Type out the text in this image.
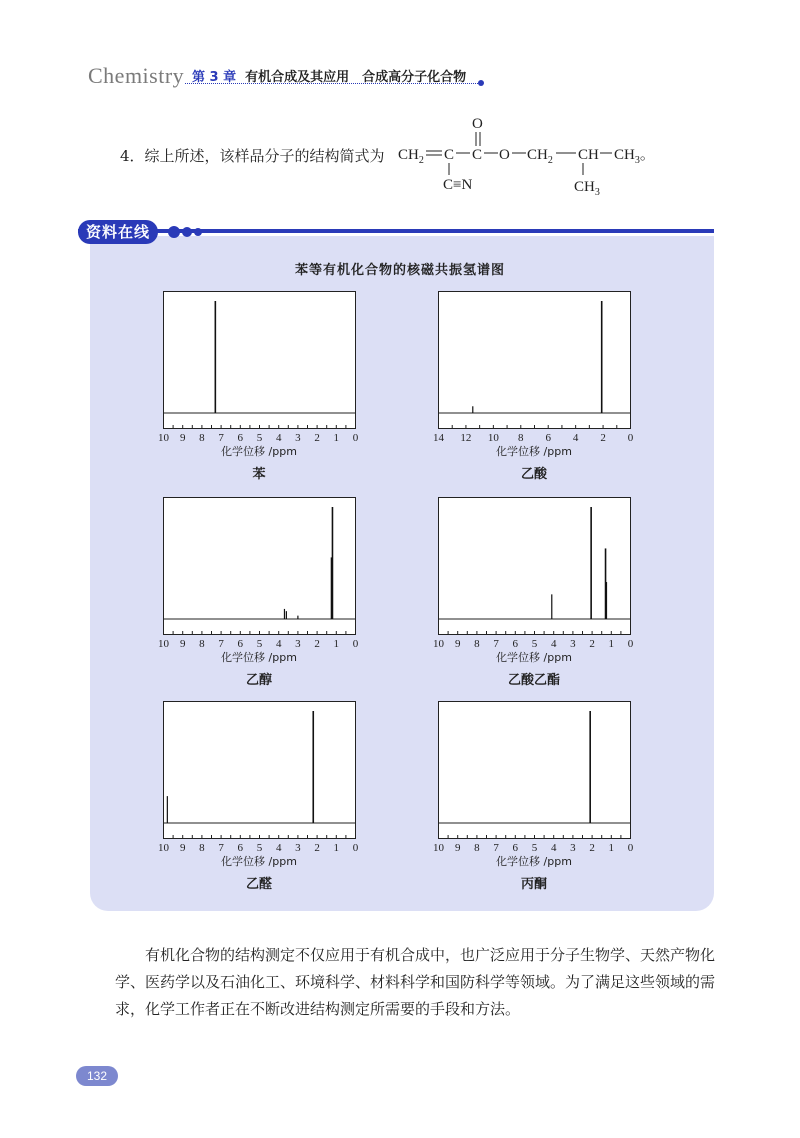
Chemistry 第 3 章 有机合成及其应用　合成高分子化合物
4．综上所述，该样品分子的结构简式为 $CH_2$ C C
O
O $CH_2$ CH $CH_3$。
C≡N	$CH_3$
资料在线
苯等有机化合物的核磁共振氢谱图
10 9 8 7 6 5 4 3 2 1 0
化学位移 /ppm
苯
14 12 10 8 6 4 2 0
化学位移 /ppm
乙酸
10 9 8 7 6 5 4 3 2 1 0
化学位移 /ppm
乙醇
10 9 8 7 6 5 4 3 2 1 0
化学位移 /ppm
乙酸乙酯
10 9 8 7 6 5 4 3 2 1 0
化学位移 /ppm
乙醛
10 9 8 7 6 5 4 3 2 1 0
化学位移 /ppm
丙酮

有机化合物的结构测定不仅应用于有机合成中，也广泛应用于分子生物学、天然产物化学、医药学以及石油化工、环境科学、材料科学和国防科学等领域。为了满足这些领域的需求，化学工作者正在不断改进结构测定所需要的手段和方法。

132
